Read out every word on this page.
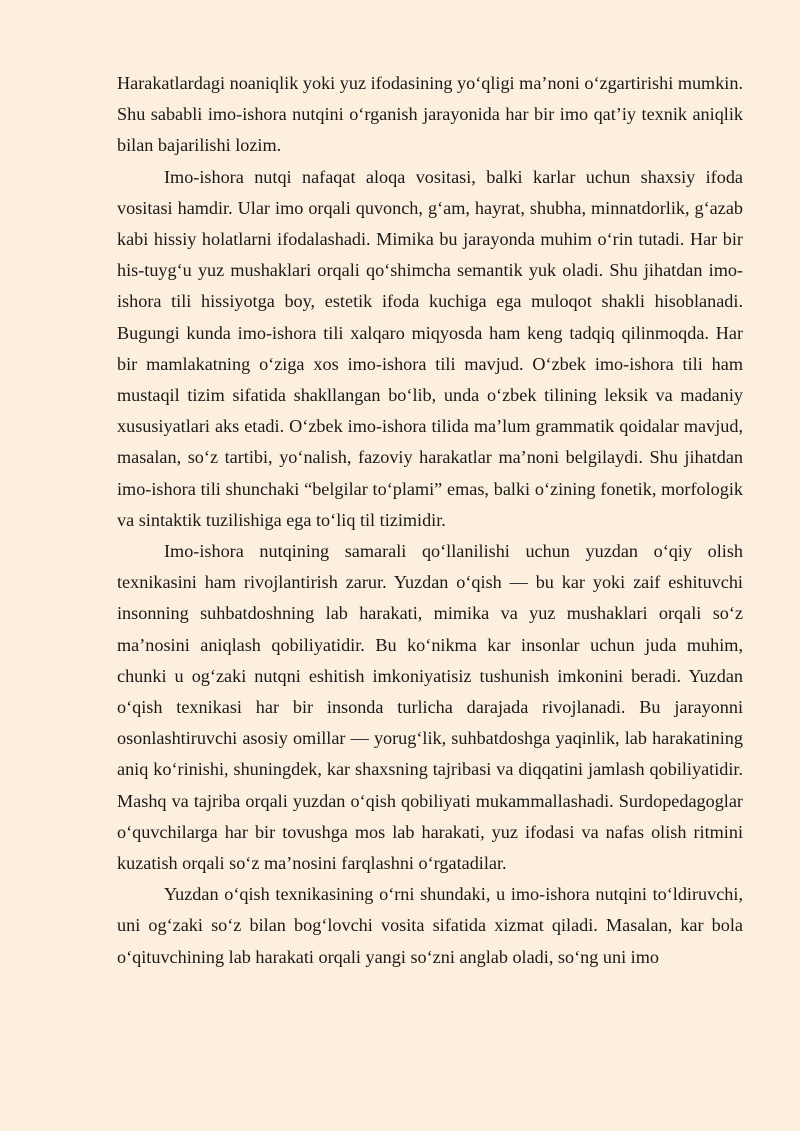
Harakatlardagi noaniqlik yoki yuz ifodasining yo‘qligi ma’noni o‘zgartirishi mumkin. Shu sababli imo-ishora nutqini o‘rganish jarayonida har bir imo qat’iy texnik aniqlik bilan bajarilishi lozim.

Imo-ishora nutqi nafaqat aloqa vositasi, balki karlar uchun shaxsiy ifoda vositasi hamdir. Ular imo orqali quvonch, g‘am, hayrat, shubha, minnatdorlik, g‘azab kabi hissiy holatlarni ifodalashadi. Mimika bu jarayonda muhim o‘rin tutadi. Har bir his-tuyg‘u yuz mushaklari orqali qo‘shimcha semantik yuk oladi. Shu jihatdan imo-ishora tili hissiyotga boy, estetik ifoda kuchiga ega muloqot shakli hisoblanadi. Bugungi kunda imo-ishora tili xalqaro miqyosda ham keng tadqiq qilinmoqda. Har bir mamlakatning o‘ziga xos imo-ishora tili mavjud. O‘zbek imo-ishora tili ham mustaqil tizim sifatida shakllangan bo‘lib, unda o‘zbek tilining leksik va madaniy xususiyatlari aks etadi. O‘zbek imo-ishora tilida ma’lum grammatik qoidalar mavjud, masalan, so‘z tartibi, yo‘nalish, fazoviy harakatlar ma’noni belgilaydi. Shu jihatdan imo-ishora tili shunchaki “belgilar to‘plami” emas, balki o‘zining fonetik, morfologik va sintaktik tuzilishiga ega to‘liq til tizimidir.

Imo-ishora nutqining samarali qo‘llanilishi uchun yuzdan o‘qiy olish texnikasini ham rivojlantirish zarur. Yuzdan o‘qish — bu kar yoki zaif eshituvchi insonning suhbatdoshning lab harakati, mimika va yuz mushaklari orqali so‘z ma’nosini aniqlash qobiliyatidir. Bu ko‘nikma kar insonlar uchun juda muhim, chunki u og‘zaki nutqni eshitish imkoniyatisiz tushunish imkonini beradi. Yuzdan o‘qish texnikasi har bir insonda turlicha darajada rivojlanadi. Bu jarayonni osonlashtiruvchi asosiy omillar — yorug‘lik, suhbatdoshga yaqinlik, lab harakatining aniq ko‘rinishi, shuningdek, kar shaxsning tajribasi va diqqatini jamlash qobiliyatidir. Mashq va tajriba orqali yuzdan o‘qish qobiliyati mukammallashadi. Surdopedagoglar o‘quvchilarga har bir tovushga mos lab harakati, yuz ifodasi va nafas olish ritmini kuzatish orqali so‘z ma’nosini farqlashni o‘rgatadilar.

Yuzdan o‘qish texnikasining o‘rni shundaki, u imo-ishora nutqini to‘ldiruvchi, uni og‘zaki so‘z bilan bog‘lovchi vosita sifatida xizmat qiladi. Masalan, kar bola o‘qituvchining lab harakati orqali yangi so‘zni anglab oladi, so‘ng uni imo
